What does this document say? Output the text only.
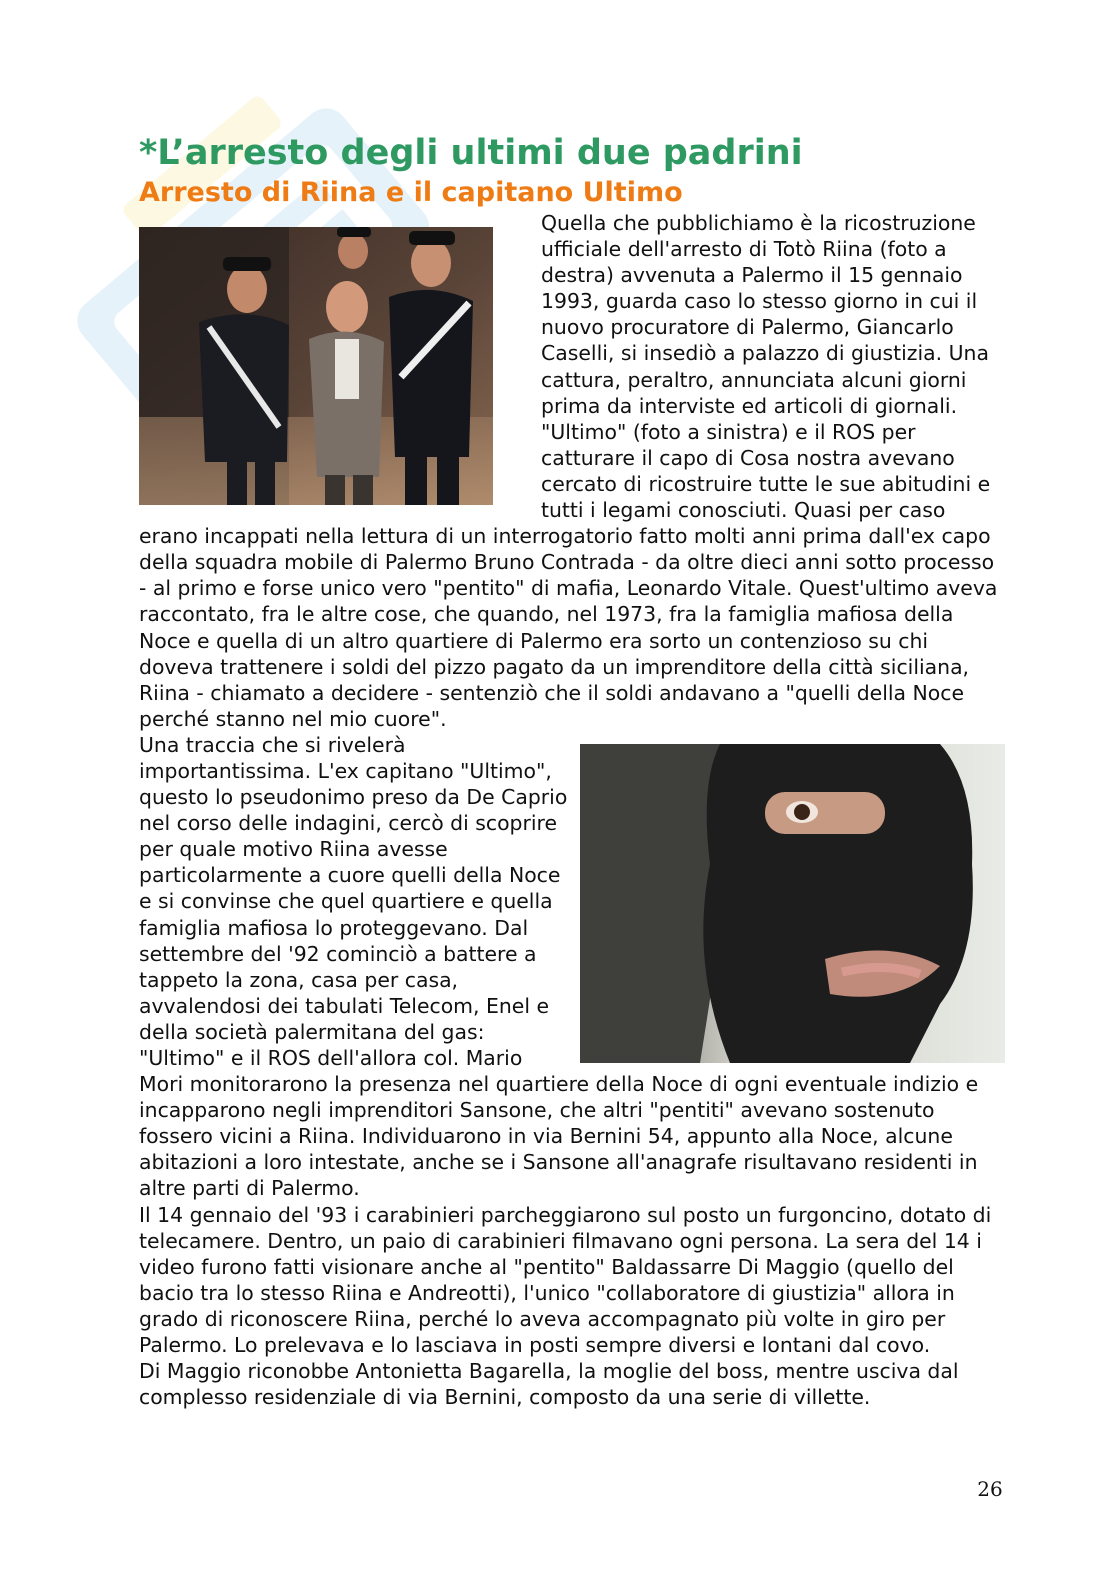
*L’arresto degli ultimi due padrini
Arresto di Riina e il capitano Ultimo

Quella che pubblichiamo è la ricostruzione ufficiale dell'arresto di Totò Riina (foto a destra) avvenuta a Palermo il 15 gennaio 1993, guarda caso lo stesso giorno in cui il nuovo procuratore di Palermo, Giancarlo Caselli, si insediò a palazzo di giustizia. Una cattura, peraltro, annunciata alcuni giorni prima da interviste ed articoli di giornali. "Ultimo" (foto a sinistra) e il ROS per catturare il capo di Cosa nostra avevano cercato di ricostruire tutte le sue abitudini e tutti i legami conosciuti. Quasi per caso erano incappati nella lettura di un interrogatorio fatto molti anni prima dall'ex capo della squadra mobile di Palermo Bruno Contrada - da oltre dieci anni sotto processo - al primo e forse unico vero "pentito" di mafia, Leonardo Vitale. Quest'ultimo aveva raccontato, fra le altre cose, che quando, nel 1973, fra la famiglia mafiosa della Noce e quella di un altro quartiere di Palermo era sorto un contenzioso su chi doveva trattenere i soldi del pizzo pagato da un imprenditore della città siciliana, Riina - chiamato a decidere - sentenziò che il soldi andavano a "quelli della Noce perché stanno nel mio cuore".

Una traccia che si rivelerà importantissima. L'ex capitano "Ultimo", questo lo pseudonimo preso da De Caprio nel corso delle indagini, cercò di scoprire per quale motivo Riina avesse particolarmente a cuore quelli della Noce e si convinse che quel quartiere e quella famiglia mafiosa lo proteggevano. Dal settembre del '92 cominciò a battere a tappeto la zona, casa per casa, avvalendosi dei tabulati Telecom, Enel e della società palermitana del gas: "Ultimo" e il ROS dell'allora col. Mario Mori monitorarono la presenza nel quartiere della Noce di ogni eventuale indizio e incapparono negli imprenditori Sansone, che altri "pentiti" avevano sostenuto fossero vicini a Riina. Individuarono in via Bernini 54, appunto alla Noce, alcune abitazioni a loro intestate, anche se i Sansone all'anagrafe risultavano residenti in altre parti di Palermo.

Il 14 gennaio del '93 i carabinieri parcheggiarono sul posto un furgoncino, dotato di telecamere. Dentro, un paio di carabinieri filmavano ogni persona. La sera del 14 i video furono fatti visionare anche al "pentito" Baldassarre Di Maggio (quello del bacio tra lo stesso Riina e Andreotti), l'unico "collaboratore di giustizia" allora in grado di riconoscere Riina, perché lo aveva accompagnato più volte in giro per Palermo. Lo prelevava e lo lasciava in posti sempre diversi e lontani dal covo.

Di Maggio riconobbe Antonietta Bagarella, la moglie del boss, mentre usciva dal complesso residenziale di via Bernini, composto da una serie di villette.

26
